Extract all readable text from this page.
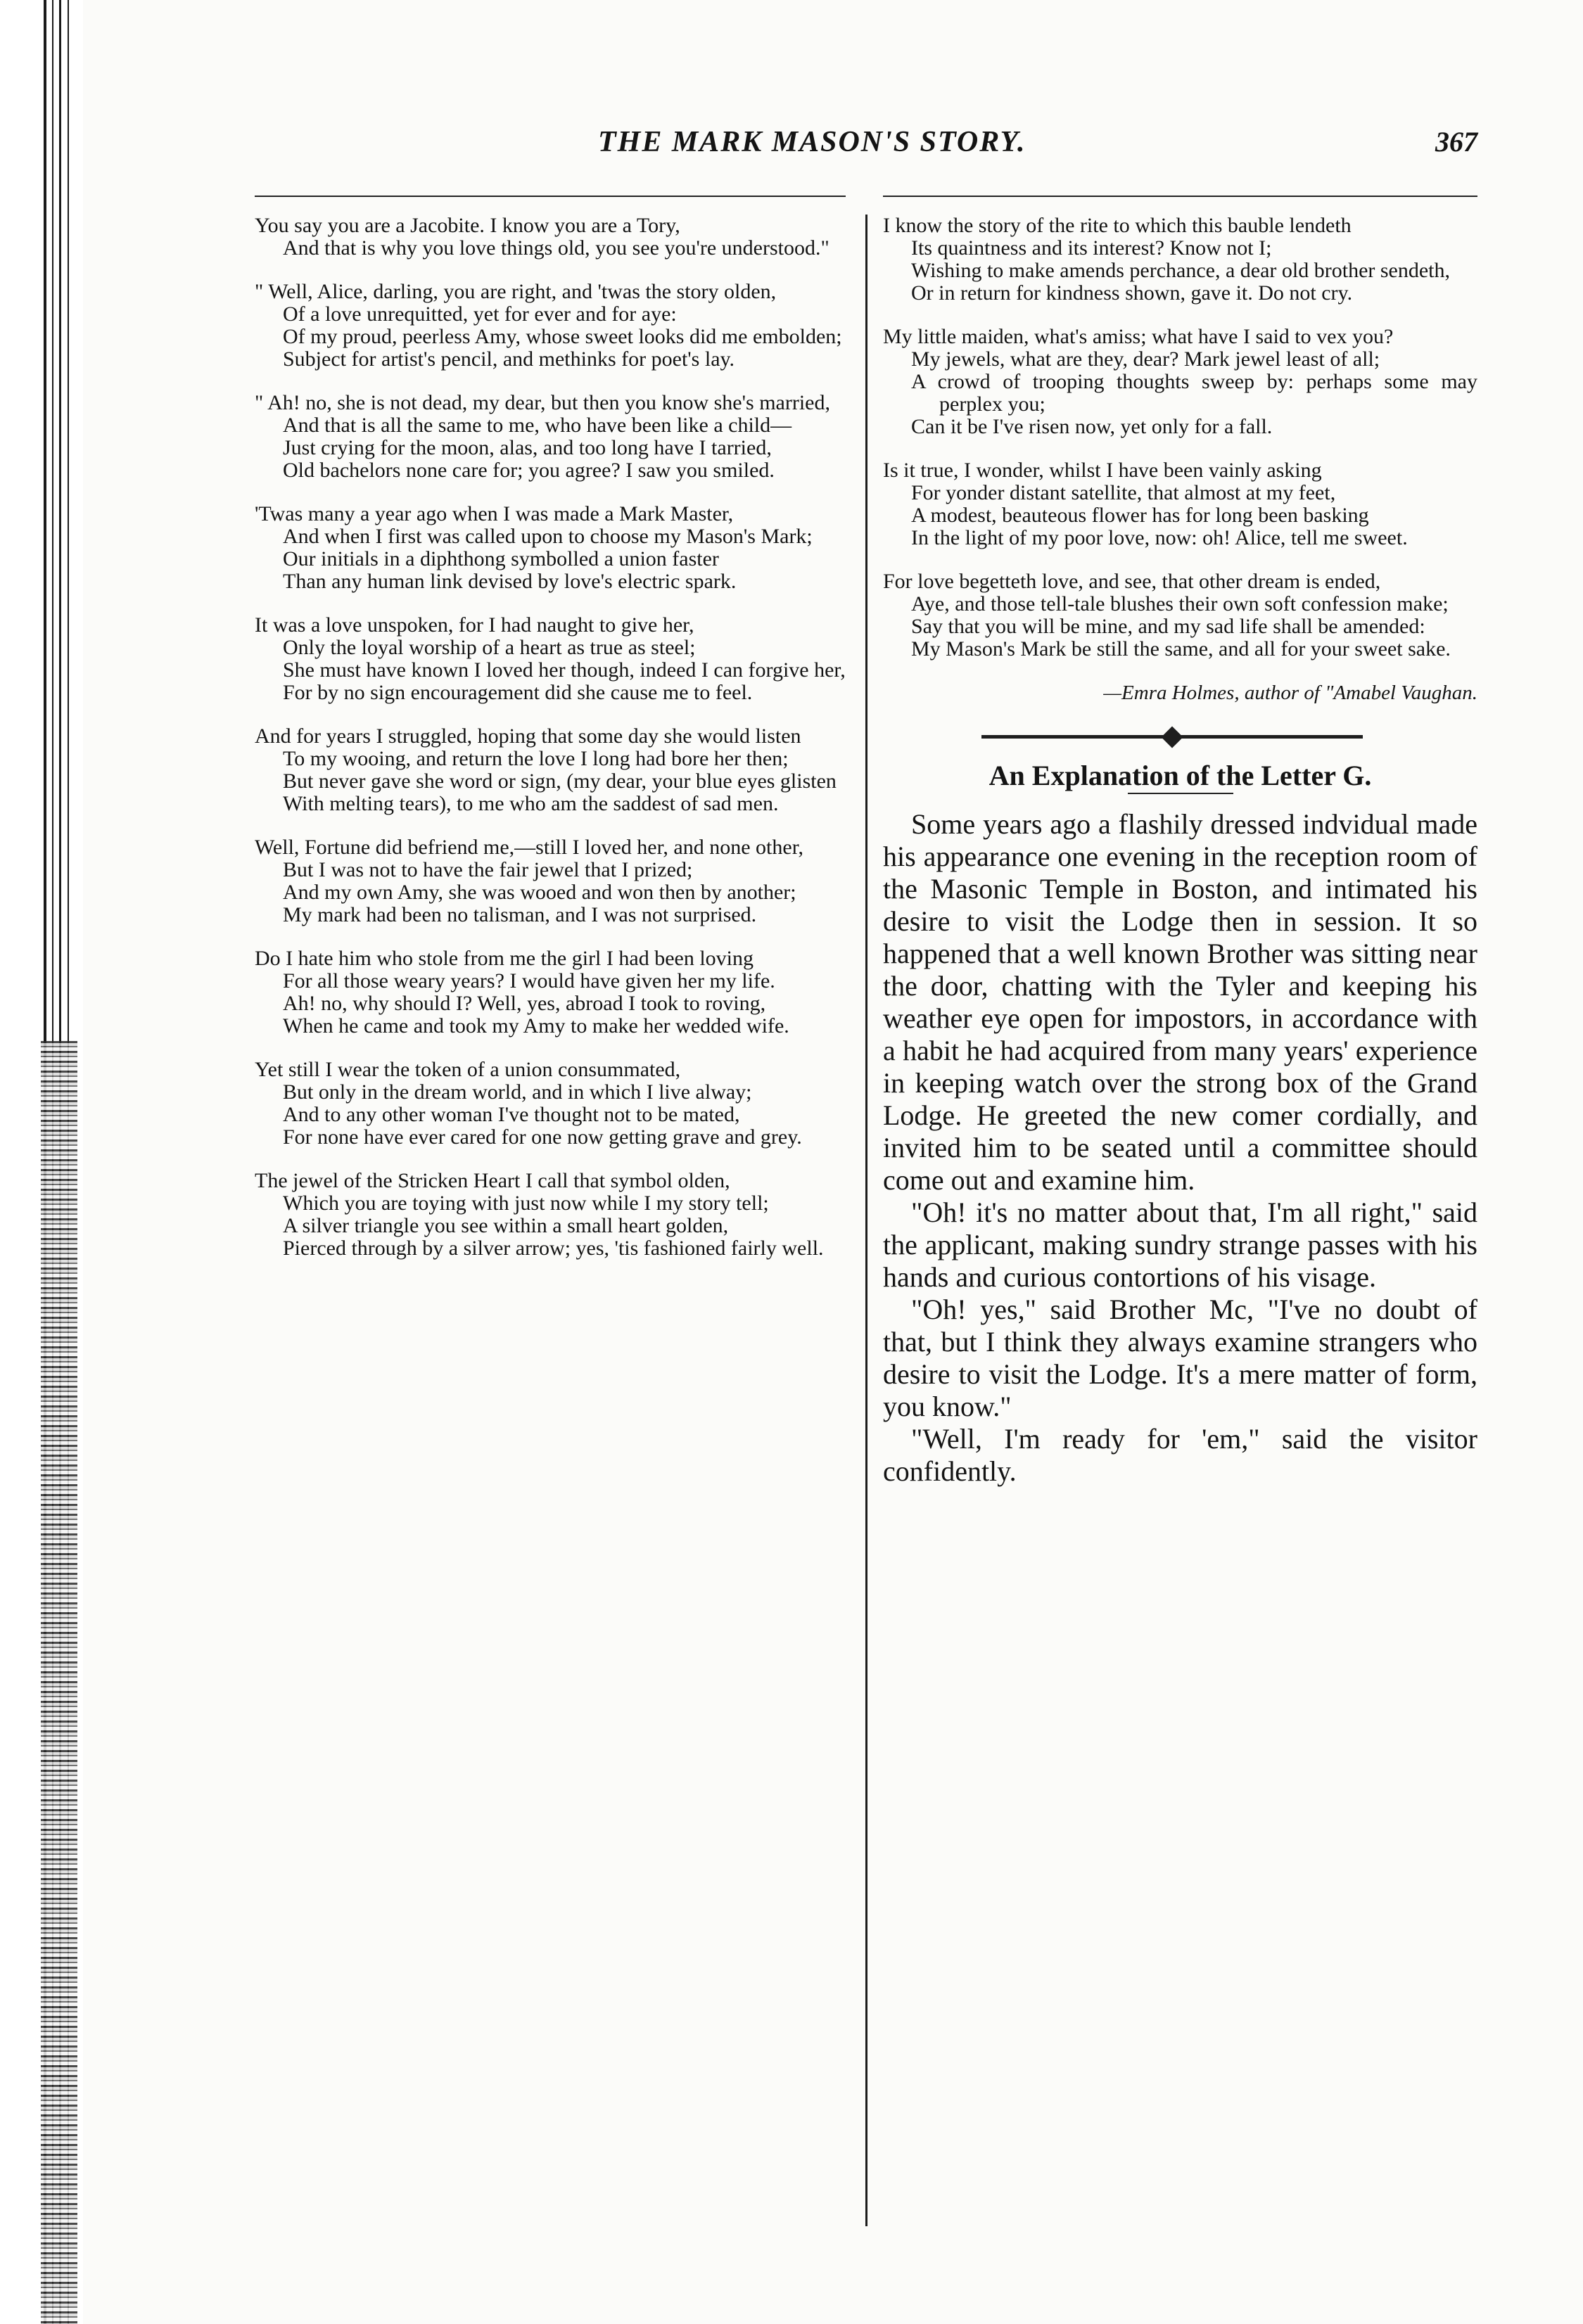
THE MARK MASON'S STORY.	367
You say you are a Jacobite. I know you are a Tory,
And that is why you love things old, you see you're understood."
" Well, Alice, darling, you are right, and 'twas the story olden,
Of a love unrequitted, yet for ever and for aye:
Of my proud, peerless Amy, whose sweet looks did me embolden;
Subject for artist's pencil, and methinks for poet's lay.
" Ah! no, she is not dead, my dear, but then you know she's married,
And that is all the same to me, who have been like a child—
Just crying for the moon, alas, and too long have I tarried,
Old bachelors none care for; you agree? I saw you smiled.
'Twas many a year ago when I was made a Mark Master,
And when I first was called upon to choose my Mason's Mark;
Our initials in a diphthong symbolled a union faster
Than any human link devised by love's electric spark.
It was a love unspoken, for I had naught to give her,
Only the loyal worship of a heart as true as steel;
She must have known I loved her though, indeed I can forgive her,
For by no sign encouragement did she cause me to feel.
And for years I struggled, hoping that some day she would listen
To my wooing, and return the love I long had bore her then;
But never gave she word or sign, (my dear, your blue eyes glisten
With melting tears), to me who am the saddest of sad men.
Well, Fortune did befriend me,—still I loved her, and none other,
But I was not to have the fair jewel that I prized;
And my own Amy, she was wooed and won then by another;
My mark had been no talisman, and I was not surprised.
Do I hate him who stole from me the girl I had been loving
For all those weary years? I would have given her my life.
Ah! no, why should I? Well, yes, abroad I took to roving,
When he came and took my Amy to make her wedded wife.
Yet still I wear the token of a union consummated,
But only in the dream world, and in which I live alway;
And to any other woman I've thought not to be mated,
For none have ever cared for one now getting grave and grey.
The jewel of the Stricken Heart I call that symbol olden,
Which you are toying with just now while I my story tell;
A silver triangle you see within a small heart golden,
Pierced through by a silver arrow; yes, 'tis fashioned fairly well.
I know the story of the rite to which this bauble lendeth
Its quaintness and its interest? Know not I;
Wishing to make amends perchance, a dear old brother sendeth,
Or in return for kindness shown, gave it. Do not cry.
My little maiden, what's amiss; what have I said to vex you?
My jewels, what are they, dear? Mark jewel least of all;
A crowd of trooping thoughts sweep by: perhaps some may perplex you;
Can it be I've risen now, yet only for a fall.
Is it true, I wonder, whilst I have been vainly asking
For yonder distant satellite, that almost at my feet,
A modest, beauteous flower has for long been basking
In the light of my poor love, now: oh! Alice, tell me sweet.
For love begetteth love, and see, that other dream is ended,
Aye, and those tell-tale blushes their own soft confession make;
Say that you will be mine, and my sad life shall be amended:
My Mason's Mark be still the same, and all for your sweet sake.
—Emra Holmes, author of "Amabel Vaughan.
An Explanation of the Letter G.

Some years ago a flashily dressed indvidual made his appearance one evening in the reception room of the Masonic Temple in Boston, and intimated his desire to visit the Lodge then in session. It so happened that a well known Brother was sitting near the door, chatting with the Tyler and keeping his weather eye open for impostors, in accordance with a habit he had acquired from many years' experience in keeping watch over the strong box of the Grand Lodge. He greeted the new comer cordially, and invited him to be seated until a committee should come out and examine him.

"Oh! it's no matter about that, I'm all right," said the applicant, making sundry strange passes with his hands and curious contortions of his visage.

"Oh! yes," said Brother Mc, "I've no doubt of that, but I think they always examine strangers who desire to visit the Lodge. It's a mere matter of form, you know."

"Well, I'm ready for 'em," said the visitor confidently.
